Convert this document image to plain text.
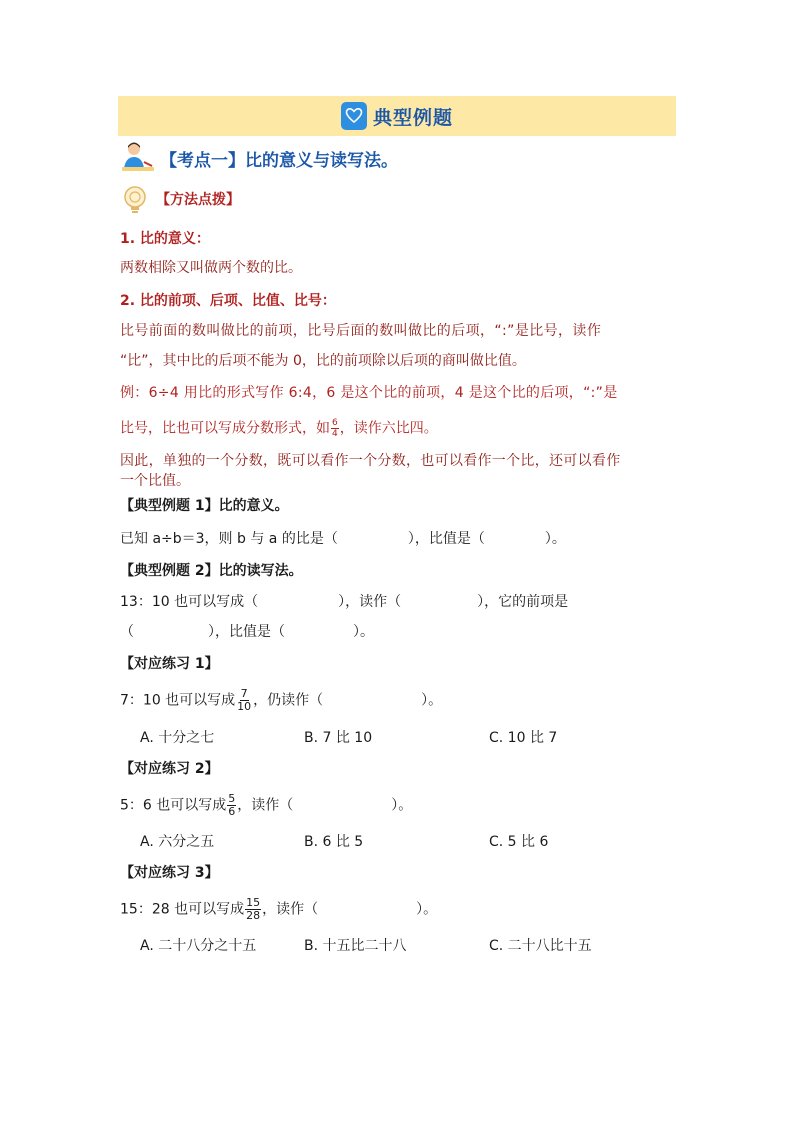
典型例题
【考点一】比的意义与读写法。
【方法点拨】
1. 比的意义：
两数相除又叫做两个数的比。
2. 比的前项、后项、比值、比号：
比号前面的数叫做比的前项，比号后面的数叫做比的后项，“:”是比号，读作
“比”，其中比的后项不能为 0，比的前项除以后项的商叫做比值。
例：6÷4 用比的形式写作 6:4，6 是这个比的前项，4 是这个比的后项，“:”是
比号，比也可以写成分数形式，如 $\frac{6}{4}$ ，读作六比四。
因此，单独的一个分数，既可以看作一个分数，也可以看作一个比，还可以看作
一个比值。
【典型例题 1】比的意义。
已知 a÷b＝3，则 b 与 a 的比是（	），比值是（	）。
【典型例题 2】比的读写法。
13：10 也可以写成（	），读作（	），它的前项是
（	），比值是（	）。
【对应练习 1】
7：10 也可以写成 $\frac{7}{10}$ ，仍读作（	）。
A. 十分之七	B. 7 比 10	C. 10 比 7
【对应练习 2】
5：6 也可以写成 $\frac{5}{6}$ ，读作（	）。
A. 六分之五	B. 6 比 5	C. 5 比 6
【对应练习 3】
15：28 也可以写成 $\frac{15}{28}$ ，读作（	）。
A. 二十八分之十五	B. 十五比二十八	C. 二十八比十五
